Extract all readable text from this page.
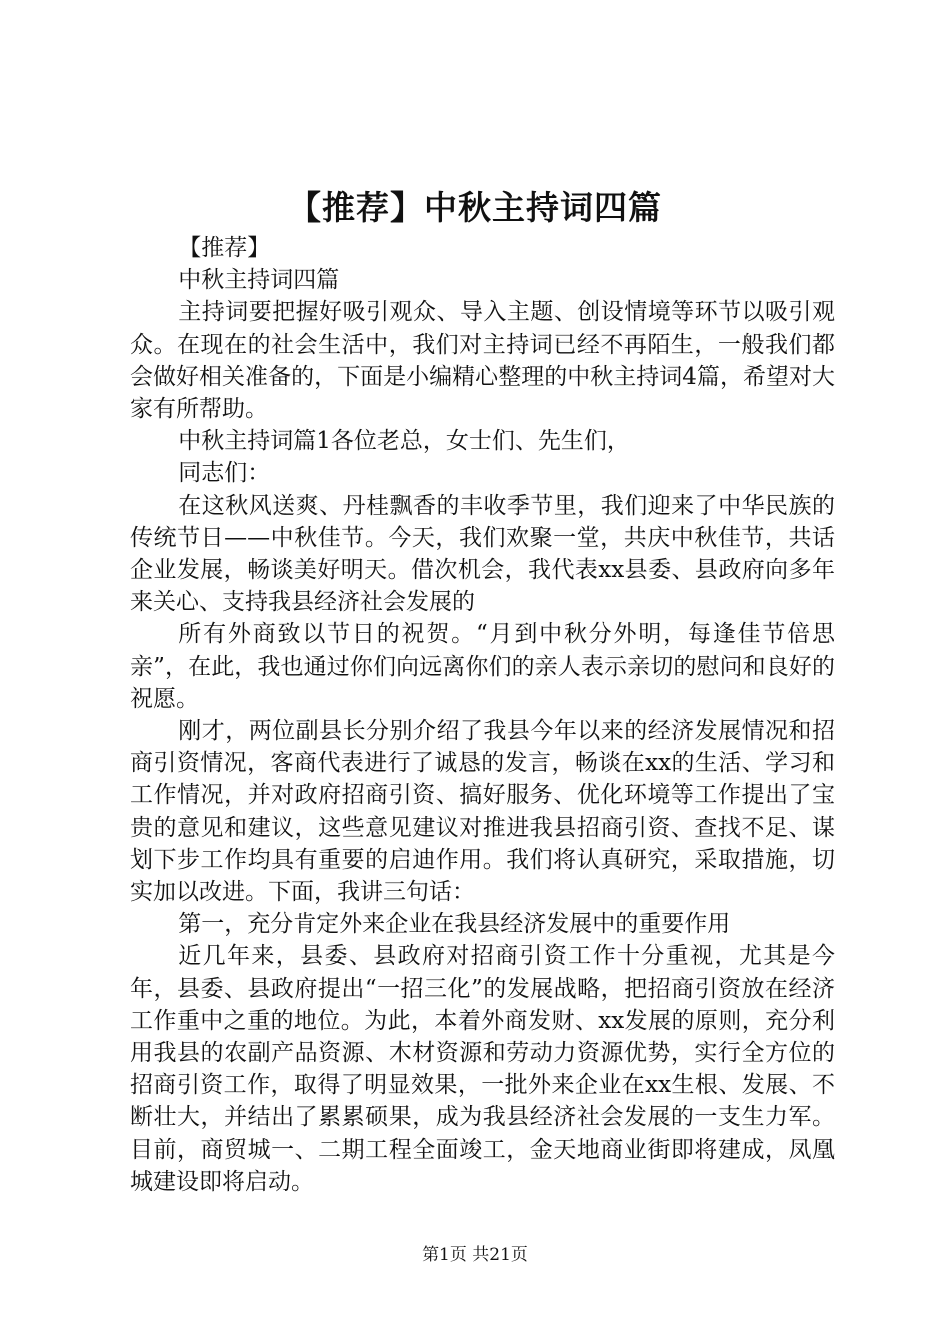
【推荐】中秋主持词四篇

【推荐】

中秋主持词四篇

主持词要把握好吸引观众、导入主题、创设情境等环节以吸引观众。在现在的社会生活中，我们对主持词已经不再陌生，一般我们都会做好相关准备的，下面是小编精心整理的中秋主持词4篇，希望对大家有所帮助。

中秋主持词篇1各位老总，女士们、先生们，

同志们：

在这秋风送爽、丹桂飘香的丰收季节里，我们迎来了中华民族的传统节日——中秋佳节。今天，我们欢聚一堂，共庆中秋佳节，共话企业发展，畅谈美好明天。借次机会，我代表xx县委、县政府向多年来关心、支持我县经济社会发展的

所有外商致以节日的祝贺。“月到中秋分外明，每逢佳节倍思亲”，在此，我也通过你们向远离你们的亲人表示亲切的慰问和良好的祝愿。

刚才，两位副县长分别介绍了我县今年以来的经济发展情况和招商引资情况，客商代表进行了诚恳的发言，畅谈在xx的生活、学习和工作情况，并对政府招商引资、搞好服务、优化环境等工作提出了宝贵的意见和建议，这些意见建议对推进我县招商引资、查找不足、谋划下步工作均具有重要的启迪作用。我们将认真研究，采取措施，切实加以改进。下面，我讲三句话：

第一，充分肯定外来企业在我县经济发展中的重要作用

近几年来，县委、县政府对招商引资工作十分重视，尤其是今年，县委、县政府提出“一招三化”的发展战略，把招商引资放在经济工作重中之重的地位。为此，本着外商发财、xx发展的原则，充分利用我县的农副产品资源、木材资源和劳动力资源优势，实行全方位的招商引资工作，取得了明显效果，一批外来企业在xx生根、发展、不断壮大，并结出了累累硕果，成为我县经济社会发展的一支生力军。目前，商贸城一、二期工程全面竣工，金天地商业街即将建成，凤凰城建设即将启动。

第1页 共21页
